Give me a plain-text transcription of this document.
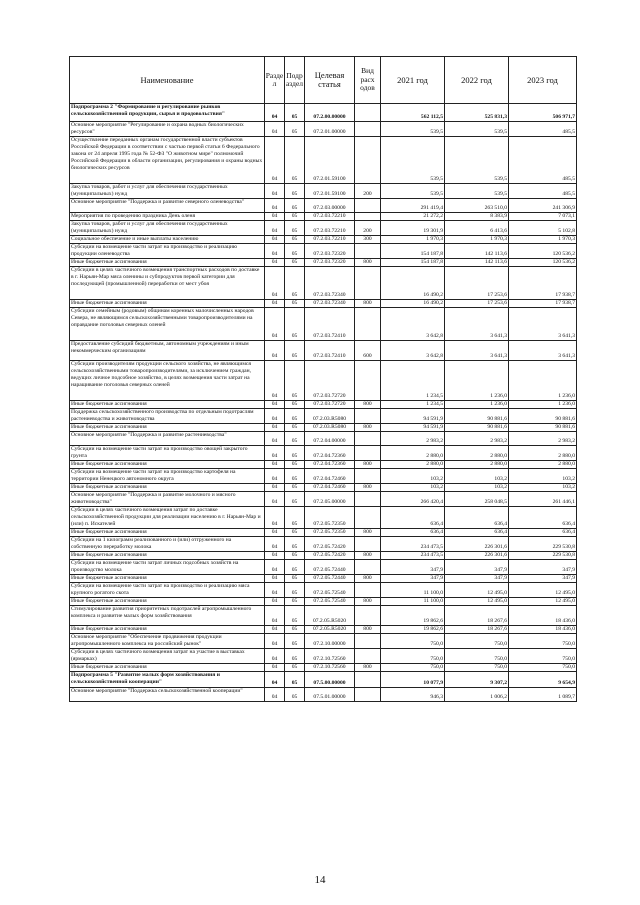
Наименование	Разде л	Подр аздел	Целевая статья	Вид расх одов	2021 год	2022 год	2023 год
Подпрограмма 2 "Формирование и регулирование рынков сельскохозяйственной продукции, сырья и продовольствия"	04	05	07.2.00.00000		562 112,5	525 831,3	506 971,7
Основное мероприятие "Регулирование и охрана водных биологических ресурсов"	04	05	07.2.01.00000		539,5	539,5	485,5
Осуществление переданных органам государственной власти субъектов Российской Федерации в соответствии с частью первой статьи 6 Федерального закона от 24 апреля 1995 года № 52-ФЗ "О животном мире" полномочий Российской Федерации в области организации, регулирования и охраны водных биологических ресурсов	04	05	07.2.01.59100		539,5	539,5	485,5
Закупка товаров, работ и услуг для обеспечения государственных (муниципальных) нужд	04	05	07.2.01.59100	200	539,5	539,5	485,5
Основное мероприятие "Поддержка и развитие северного оленеводства"	04	05	07.2.03.00000		291 419,4	263 510,0	241 306,9
Мероприятия по проведению праздника День оленя	04	05	07.2.03.72210		21 272,2	8 383,9	7 073,1
Закупка товаров, работ и услуг для обеспечения государственных (муниципальных) нужд	04	05	07.2.03.72210	200	19 301,9	6 413,6	5 102,8
Социальное обеспечение и иные выплаты населению	04	05	07.2.03.72210	300	1 970,3	1 970,3	1 970,3
Субсидии на возмещение части затрат на производство и реализацию продукции оленеводства	04	05	07.2.03.72320		154 187,8	142 113,6	120 536,2
Иные бюджетные ассигнования	04	05	07.2.03.72320	800	154 187,8	142 113,6	120 536,2
Субсидии в целях частичного возмещения транспортных расходов по доставке в г. Нарьян-Мар мяса оленины и субпродуктов первой категории для последующей (промышленной) переработки от мест убоя	04	05	07.2.03.72340		16 490,2	17 253,6	17 938,7
Иные бюджетные ассигнования	04	05	07.2.03.72340	800	16 490,2	17 253,6	17 938,7
Субсидии семейным (родовым) общинам коренных малочисленных народов Севера, не являющимся сельскохозяйственными товаропроизводителями на оправдание поголовья северных оленей	04	05	07.2.03.72410		3 642,8	3 641,3	3 641,3
Предоставление субсидий бюджетным, автономным учреждениям и иным некоммерческим организациям	04	05	07.2.03.72410	600	3 642,8	3 641,3	3 641,3
Субсидии производителям продукции сельского хозяйства, не являющимся сельскохозяйственными товаропроизводителями, за исключением граждан, ведущих личное подсобное хозяйство, в целях возмещения части затрат на наращивание поголовья северных оленей	04	05	07.2.03.72720		1 234,5	1 236,0	1 236,0
Иные бюджетные ассигнования	04	05	07.2.03.72720	800	1 234,5	1 236,0	1 236,0
Поддержка сельскохозяйственного производства по отдельным подотраслям растениеводства и животноводства	04	05	07.2.03.R5080		94 591,9	90 881,6	90 881,6
Иные бюджетные ассигнования	04	05	07.2.03.R5080	800	94 591,9	90 881,6	90 881,6
Основное мероприятие "Поддержка и развитие растениеводства"	04	05	07.2.04.00000		2 983,2	2 983,2	2 983,2
Субсидии на возмещение части затрат на производство овощей закрытого грунта	04	05	07.2.04.72360		2 880,0	2 880,0	2 880,0
Иные бюджетные ассигнования	04	05	07.2.04.72360	800	2 880,0	2 880,0	2 880,0
Субсидии на возмещение части затрат на производство картофеля на территории Ненецкого автономного округа	04	05	07.2.04.72460		103,2	103,2	103,2
Иные бюджетные ассигнования	04	05	07.2.04.72460	800	103,2	103,2	103,2
Основное мероприятие "Поддержка и развитие молочного и мясного животноводства"	04	05	07.2.05.00000		266 420,4	258 048,5	261 446,1
Субсидии в целях частичного возмещения затрат по доставке сельскохозяйственной продукции для реализации населению в г. Нарьян-Мар и (или) п. Искателей	04	05	07.2.05.72350		636,4	636,4	636,4
Иные бюджетные ассигнования	04	05	07.2.05.72350	800	636,4	636,4	636,4
Субсидии на 1 килограмм реализованного и (или) отгруженного на собственную переработку молока	04	05	07.2.05.72420		234 473,5	226 301,6	229 530,8
Иные бюджетные ассигнования	04	05	07.2.05.72420	800	234 473,5	226 301,6	229 530,8
Субсидии на возмещение части затрат личных подсобных хозяйств на производство молока	04	05	07.2.05.72440		347,9	347,9	347,9
Иные бюджетные ассигнования	04	05	07.2.05.72440	800	347,9	347,9	347,9
Субсидии на возмещение части затрат на производство и реализацию мяса крупного рогатого скота	04	05	07.2.05.72540		11 100,0	12 495,0	12 495,0
Иные бюджетные ассигнования	04	05	07.2.05.72540	800	11 100,0	12 495,0	12 495,0
Стимулирование развития приоритетных подотраслей агропромышленного комплекса и развитие малых форм хозяйствования	04	05	07.2.05.R5020		19 862,6	18 267,6	18 436,0
Иные бюджетные ассигнования	04	05	07.2.05.R5020	800	19 862,6	18 267,6	18 436,0
Основное мероприятие "Обеспечение продвижения продукции агропромышленного комплекса на российский рынок"	04	05	07.2.10.00000		750,0	750,0	750,0
Субсидии в целях частичного возмещения затрат на участие в выставках (ярмарках)	04	05	07.2.10.72560		750,0	750,0	750,0
Иные бюджетные ассигнования	04	05	07.2.10.72560	800	750,0	750,0	750,0
Подпрограмма 5 "Развитие малых форм хозяйствования и сельскохозяйственной кооперации"	04	05	07.5.00.00000		10 077,9	9 307,2	9 654,9
Основное мероприятие "Поддержка сельскохозяйственной кооперации"	04	05	07.5.01.00000		946,3	1 006,2	1 089,7
14
